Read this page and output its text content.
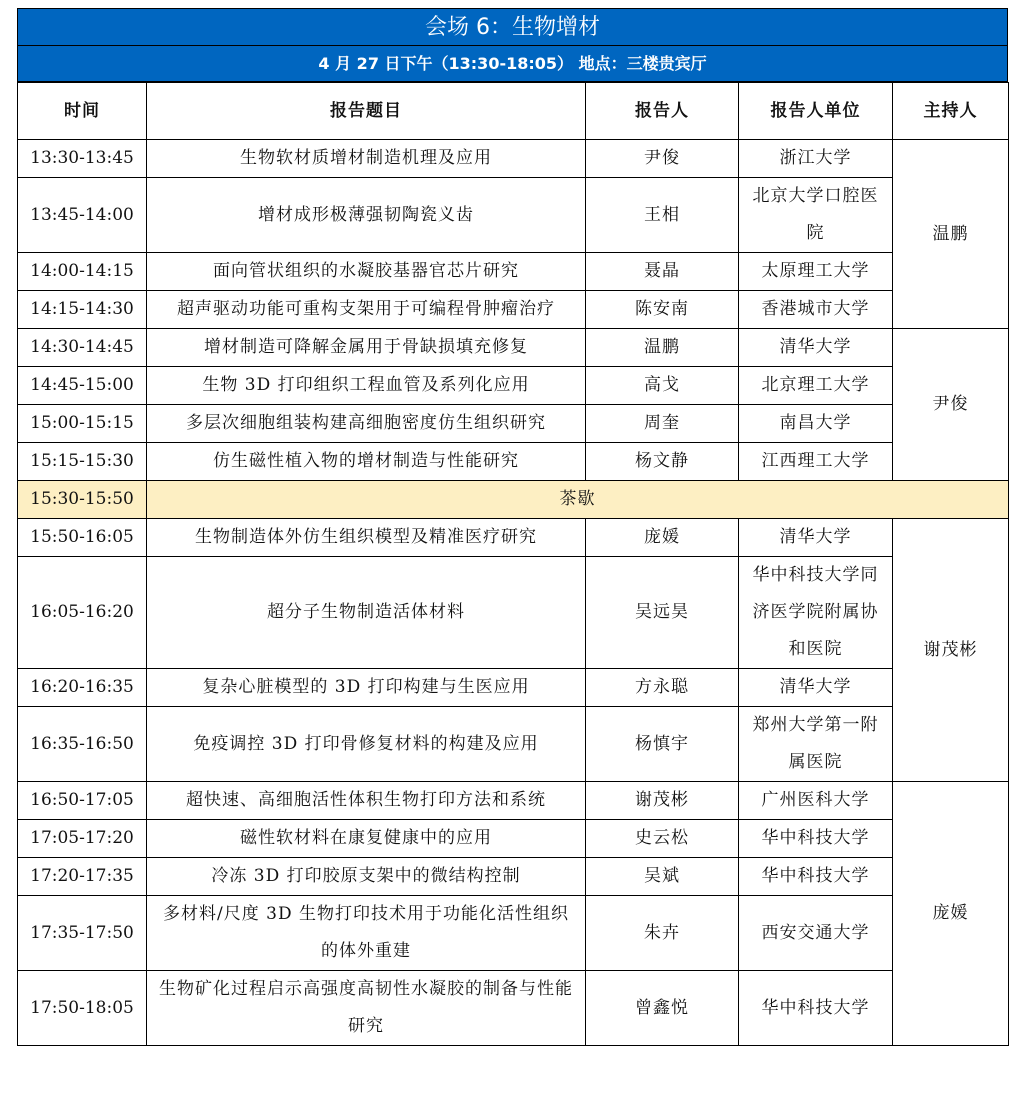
会场 6：生物增材
4 月 27 日下午（13:30-18:05） 地点：三楼贵宾厅
时间	报告题目	报告人	报告人单位	主持人
13:30-13:45	生物软材质增材制造机理及应用	尹俊	浙江大学	温鹏
13:45-14:00	增材成形极薄强韧陶瓷义齿	王相	北京大学口腔医院	
14:00-14:15	面向管状组织的水凝胶基器官芯片研究	聂晶	太原理工大学	
14:15-14:30	超声驱动功能可重构支架用于可编程骨肿瘤治疗	陈安南	香港城市大学	
14:30-14:45	增材制造可降解金属用于骨缺损填充修复	温鹏	清华大学	尹俊
14:45-15:00	生物 3D 打印组织工程血管及系列化应用	高戈	北京理工大学	
15:00-15:15	多层次细胞组装构建高细胞密度仿生组织研究	周奎	南昌大学	
15:15-15:30	仿生磁性植入物的增材制造与性能研究	杨文静	江西理工大学	
15:30-15:50	茶歇			
15:50-16:05	生物制造体外仿生组织模型及精准医疗研究	庞媛	清华大学	谢茂彬
16:05-16:20	超分子生物制造活体材料	吴远昊	华中科技大学同济医学院附属协和医院	
16:20-16:35	复杂心脏模型的 3D 打印构建与生医应用	方永聪	清华大学	
16:35-16:50	免疫调控 3D 打印骨修复材料的构建及应用	杨慎宇	郑州大学第一附属医院	
16:50-17:05	超快速、高细胞活性体积生物打印方法和系统	谢茂彬	广州医科大学	庞媛
17:05-17:20	磁性软材料在康复健康中的应用	史云松	华中科技大学	
17:20-17:35	冷冻 3D 打印胶原支架中的微结构控制	吴斌	华中科技大学	
17:35-17:50	多材料/尺度 3D 生物打印技术用于功能化活性组织的体外重建	朱卉	西安交通大学	
17:50-18:05	生物矿化过程启示高强度高韧性水凝胶的制备与性能研究	曾鑫悦	华中科技大学	
